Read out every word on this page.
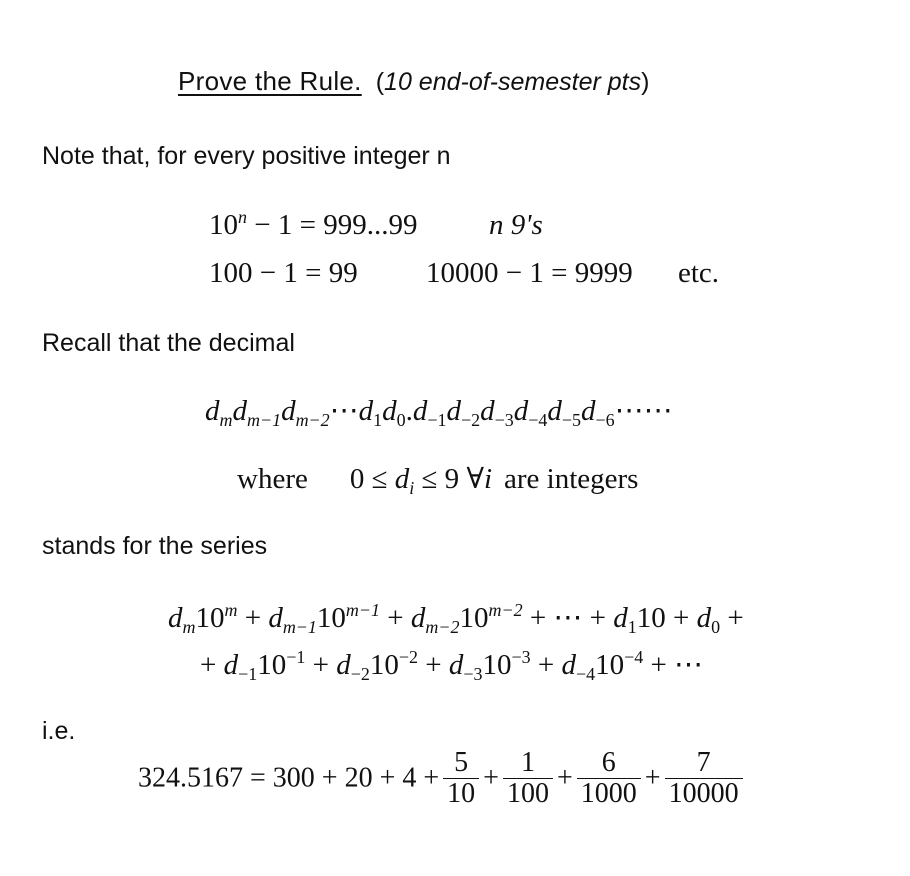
Prove the Rule. (10 end-of-semester pts)
Note that, for every positive integer n
$10^n - 1 = 999...99$ n 9's
100 − 1 = 99 10000 − 1 = 9999 etc.
Recall that the decimal
$d_md_{m-1}d_{m-2}\cdots d_1d_0.d_{-1}d_{-2}d_{-3}d_{-4}d_{-5}d_{-6}\cdots\cdots$
where $0 \le d_i \le 9$ ∀i are integers
stands for the series
$d_m10^m + d_{m-1}10^{m-1} + d_{m-2}10^{m-2}$ + ⋯ + $d_110 + d_0$ +
+ $d_{-1}10^{-1} + d_{-2}10^{-2} + d_{-3}10^{-3} + d_{-4}10^{-4}$ + ⋯
i.e.
$324.5167 = 300 + 20 + 4 + \frac{5}{10} + \frac{1}{100} + \frac{6}{1000} + \frac{7}{10000}$
